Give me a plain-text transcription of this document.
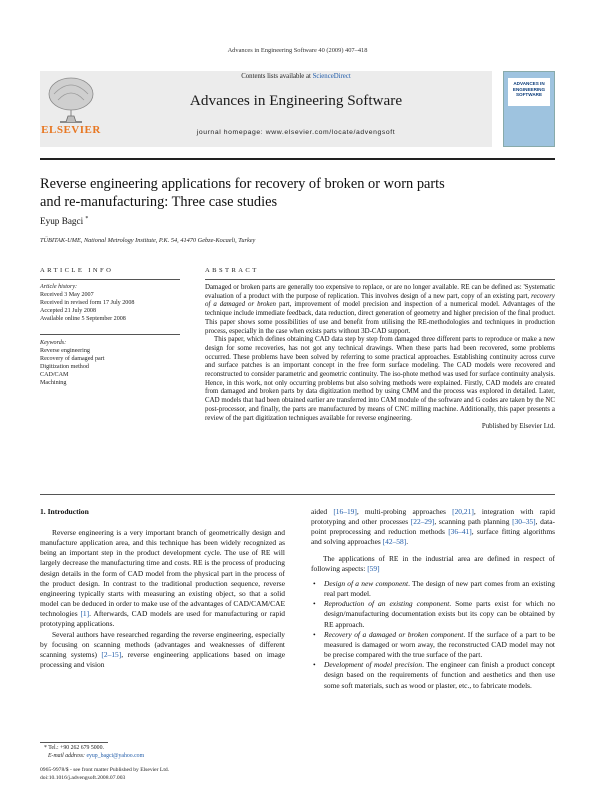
Advances in Engineering Software 40 (2009) 407–418
ELSEVIER
Contents lists available at ScienceDirect
Advances in Engineering Software
journal homepage: www.elsevier.com/locate/advengsoft
ADVANCES IN
ENGINEERING
SOFTWARE
Reverse engineering applications for recovery of broken or worn parts
and re-manufacturing: Three case studies
Eyup Bagci *
TÜBITAK-UME, National Metrology Institute, P.K. 54, 41470 Gebze-Kocaeli, Turkey
ARTICLE INFO	ABSTRACT
Article history:
Received 3 May 2007
Received in revised form 17 July 2008
Accepted 21 July 2008
Available online 5 September 2008
Keywords:
Reverse engineering
Recovery of damaged part
Digitization method
CAD/CAM
Machining

Damaged or broken parts are generally too expensive to replace, or are no longer available. RE can be defined as: 'Systematic evaluation of a product with the purpose of replication. This involves design of a new part, copy of an existing part, recovery of a damaged or broken part, improvement of model precision and inspection of a numerical model. Advantages of the technique include immediate feedback, data reduction, direct generation of geometry and higher precision of the final product. This paper shows some possibilities of use and benefit from utilising the RE-methodologies and techniques in production process, especially in the case when exists parts without 3D-CAD support.

This paper, which defines obtaining CAD data step by step from damaged three different parts to reproduce or make a new design for some recoveries, has not got any technical drawings. When these parts had been recovered, some problems occurred. These problems have been solved by referring to some practical approaches. Establishing continuity across curve and surface patches is an important concept in the free form surface modeling. The CAD models were recovered and reconstructed to consider parametric and geometric continuity. The iso-phote method was used for surface continuity analysis. Hence, in this work, not only occurring problems but also solving methods were explained. Firstly, CAD models are created from damaged and broken parts by data digitization method by using CMM and the process was explored in detailed. Later, CAD models that had been obtained earlier are transferred into CAM module of the software and G codes are taken by the NC post-processor, and finally, the parts are manufactured by means of CNC milling machine. Additionally, this paper presents a review of the part digitization techniques available for reverse engineering.

Published by Elsevier Ltd.
1. Introduction

Reverse engineering is a very important branch of geometrically design and manufacture application area, and this technique has been widely recognized as being an important step in the product development cycle. The use of RE will largely decrease the manufacturing time and costs. RE is the process of producing design details in the form of CAD model from the physical part in the process of the product design. In contrast to the traditional production sequence, reverse engineering typically starts with measuring an existing object, so that a solid model can be deduced in order to make use of the advantages of CAD/CAM/CAE technologies [1]. Afterwards, CAD models are used for manufacturing or rapid prototyping applications.

Several authors have researched regarding the reverse engineering, especially by focusing on scanning methods (advantages and weaknesses of different scanning systems) [2–15], reverse engineering applications based on image processing and vision

aided [16–19], multi-probing approaches [20,21], integration with rapid prototyping and other processes [22–29], scanning path planning [30–35], data-point preprocessing and reduction methods [36–41], surface fitting algorithms and solving approaches [42–58].

The applications of RE in the industrial area are defined in respect of following aspects: [59]

• Design of a new component. The design of new part comes from an existing real part model.
• Reproduction of an existing component. Some parts exist for which no design/manufacturing documentation exists but its copy can be obtained by RE approach.
• Recovery of a damaged or broken component. If the surface of a part to be measured is damaged or worn away, the reconstructed CAD model may not be precise compared with the true surface of the part.
• Development of model precision. The engineer can finish a product concept design based on the requirements of function and aesthetics and then use some soft materials, such as wood or plaster, etc., to fabricate models.
* Tel.: +90 262 679 5000.
E-mail address: eyup_bagci@yahoo.com
0965-9978/$ - see front matter Published by Elsevier Ltd.
doi:10.1016/j.advengsoft.2008.07.003
